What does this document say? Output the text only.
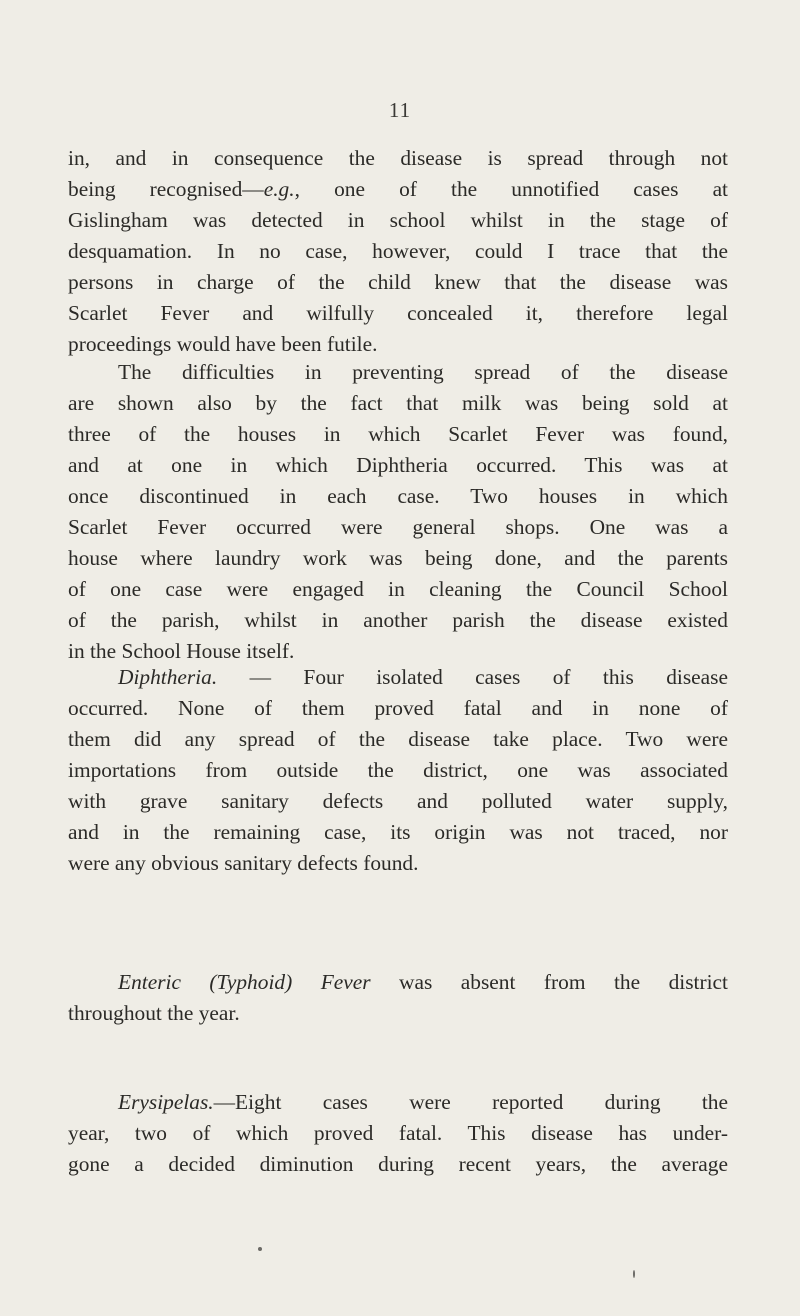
11
in, and in consequence the disease is spread through not
being recognised—e.g., one of the unnotified cases at
Gislingham was detected in school whilst in the stage of
desquamation. In no case, however, could I trace that the
persons in charge of the child knew that the disease was
Scarlet Fever and wilfully concealed it, therefore legal
proceedings would have been futile.
The difficulties in preventing spread of the disease
are shown also by the fact that milk was being sold at
three of the houses in which Scarlet Fever was found,
and at one in which Diphtheria occurred. This was at
once discontinued in each case. Two houses in which
Scarlet Fever occurred were general shops. One was a
house where laundry work was being done, and the parents
of one case were engaged in cleaning the Council School
of the parish, whilst in another parish the disease existed
in the School House itself.
Diphtheria. — Four isolated cases of this disease
occurred. None of them proved fatal and in none of
them did any spread of the disease take place. Two were
importations from outside the district, one was associated
with grave sanitary defects and polluted water supply,
and in the remaining case, its origin was not traced, nor
were any obvious sanitary defects found.
Enteric (Typhoid) Fever was absent from the district
throughout the year.
Erysipelas.—Eight cases were reported during the
year, two of which proved fatal. This disease has under-
gone a decided diminution during recent years, the average
